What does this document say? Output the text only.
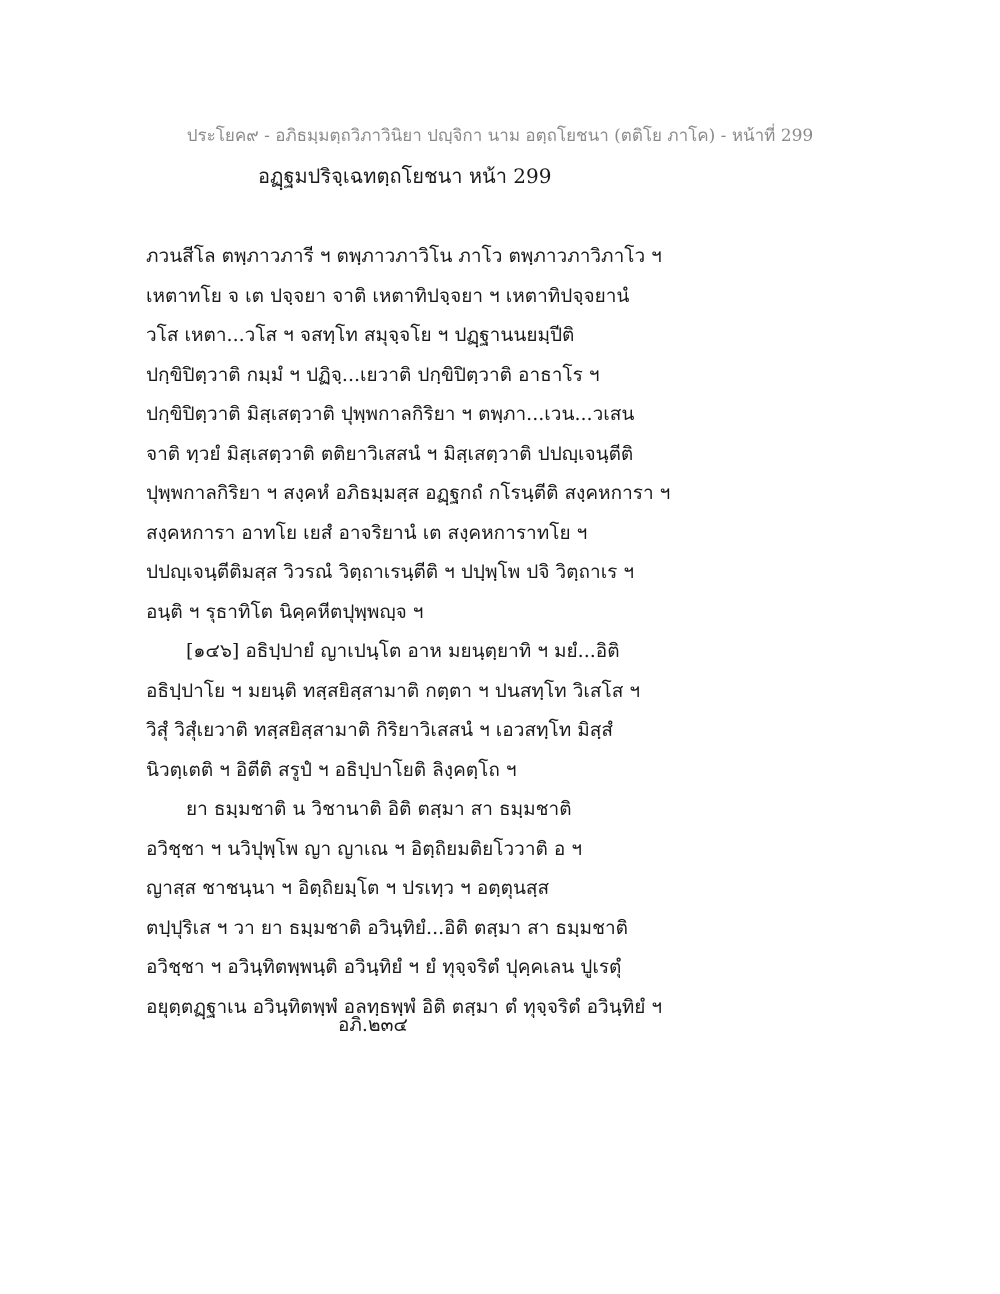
ประโยค๙ - อภิธมฺมตฺถวิภาวินิยา ปญฺจิกา นาม อตฺถโยชนา (ตติโย ภาโค) - หน้าที่ 299
อฏฺฐมปริจฺเฉทตฺถโยชนา หน้า 299
ภวนสีโล ตพฺภาวภารี ฯ ตพฺภาวภาวิโน ภาโว ตพฺภาวภาวิภาโว ฯ
เหตาทโย จ เต ปจฺจยา จาติ เหตาทิปจฺจยา ฯ เหตาทิปจฺจยานํ
วโส เหตา...วโส ฯ จสทฺโท สมุจฺจโย ฯ ปฏฺฐานนยมฺปีติ
ปกฺขิปิตฺวาติ กมฺมํ ฯ ปฏิจฺ...เยวาติ ปกฺขิปิตฺวาติ อาธาโร ฯ
ปกฺขิปิตฺวาติ มิสฺเสตฺวาติ ปุพฺพกาลกิริยา ฯ ตพฺภา...เวน...วเสน
จาติ ทฺวยํ มิสฺเสตฺวาติ ตติยาวิเสสนํ ฯ มิสฺเสตฺวาติ ปปญฺเจนฺตีติ
ปุพฺพกาลกิริยา ฯ สงฺคหํ อภิธมฺมสฺส อฏฺฐกถํ กโรนฺตีติ สงฺคหการา ฯ
สงฺคหการา อาทโย เยสํ อาจริยานํ เต สงฺคหการาทโย ฯ
ปปญฺเจนฺตีติมสฺส วิวรณํ วิตฺถาเรนฺตีติ ฯ ปปฺพฺโพ ปจิ วิตฺถาเร ฯ
อนฺติ ฯ รุธาทิโต นิคฺคหีตปุพฺพญฺจ ฯ
[๑๔๖] อธิปฺปายํ ญาเปนฺโต อาห มยนฺตฺยาทิ ฯ มยํ...อิติ
อธิปฺปาโย ฯ มยนฺติ ทสฺสยิสฺสามาติ กตฺตา ฯ ปนสทฺโท วิเสโส ฯ
วิสุํ วิสุํเยวาติ ทสฺสยิสฺสามาติ กิริยาวิเสสนํ ฯ เอวสทฺโท มิสฺสํ
นิวตฺเตติ ฯ อิตีติ สรูปํ ฯ อธิปฺปาโยติ ลิงฺคตฺโถ ฯ
ยา ธมฺมชาติ น วิชานาติ อิติ ตสฺมา สา ธมฺมชาติ
อวิชฺชา ฯ นวิปุพฺโพ ญา ญาเณ ฯ อิตฺถิยมติยโววาติ อ ฯ
ญาสฺส ชาชนฺนา ฯ อิตฺถิยมฺโต ฯ ปรเทฺว ฯ อตฺตุนสฺส
ตปฺปุริเส ฯ วา ยา ธมฺมชาติ อวินฺทิยํ...อิติ ตสฺมา สา ธมฺมชาติ
อวิชฺชา ฯ อวินฺทิตพฺพนฺติ อวินฺทิยํ ฯ ยํ ทุจฺจริตํ ปุคฺคเลน ปูเรตุํ
อยุตฺตฏฺฐาเน อวินฺทิตพฺพํ อลทฺธพฺพํ อิติ ตสฺมา ตํ ทุจฺจริตํ อวินฺทิยํ ฯ
อภิ.๒๓๔
